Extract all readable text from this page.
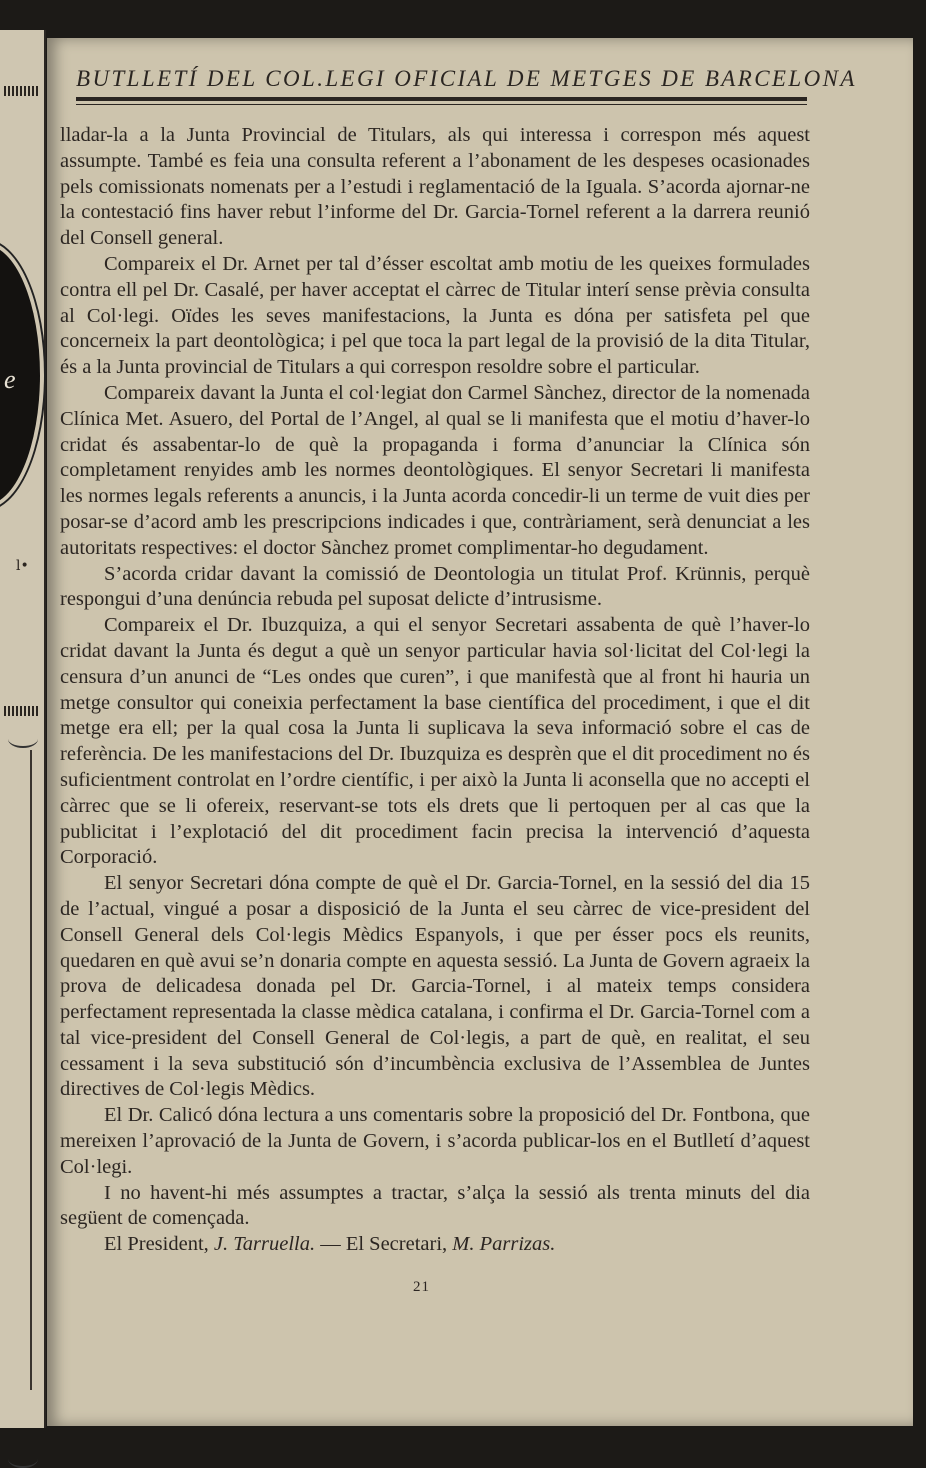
e
l•
BUTLLETÍ DEL COL.LEGI OFICIAL DE METGES DE BARCELONA

lladar-la a la Junta Provincial de Titulars, als qui interessa i correspon més aquest assumpte. També es feia una consulta referent a l’abonament de les despeses ocasionades pels comissionats nomenats per a l’estudi i reglamentació de la Iguala. S’acorda ajornar-ne la contestació fins haver rebut l’informe del Dr. Garcia-Tornel referent a la darrera reunió del Consell general.

Compareix el Dr. Arnet per tal d’ésser escoltat amb motiu de les queixes formulades contra ell pel Dr. Casalé, per haver acceptat el càrrec de Titular interí sense prèvia consulta al Col·legi. Oïdes les seves manifestacions, la Junta es dóna per satisfeta pel que concerneix la part deontològica; i pel que toca la part legal de la provisió de la dita Titular, és a la Junta provincial de Titulars a qui correspon resoldre sobre el particular.

Compareix davant la Junta el col·legiat don Carmel Sànchez, director de la nomenada Clínica Met. Asuero, del Portal de l’Angel, al qual se li manifesta que el motiu d’haver-lo cridat és assabentar-lo de què la propaganda i forma d’anunciar la Clínica són completament renyides amb les normes deontològiques. El senyor Secretari li manifesta les normes legals referents a anuncis, i la Junta acorda concedir-li un terme de vuit dies per posar-se d’acord amb les prescripcions indicades i que, contràriament, serà denunciat a les autoritats respectives: el doctor Sànchez promet complimentar-ho degudament.

S’acorda cridar davant la comissió de Deontologia un titulat Prof. Krünnis, perquè respongui d’una denúncia rebuda pel suposat delicte d’intrusisme.

Compareix el Dr. Ibuzquiza, a qui el senyor Secretari assabenta de què l’haver-lo cridat davant la Junta és degut a què un senyor particular havia sol·licitat del Col·legi la censura d’un anunci de “Les ondes que curen”, i que manifestà que al front hi hauria un metge consultor qui coneixia perfectament la base científica del procediment, i que el dit metge era ell; per la qual cosa la Junta li suplicava la seva informació sobre el cas de referència. De les manifestacions del Dr. Ibuzquiza es desprèn que el dit procediment no és suficientment controlat en l’ordre científic, i per això la Junta li aconsella que no accepti el càrrec que se li ofereix, reservant-se tots els drets que li pertoquen per al cas que la publicitat i l’explotació del dit procediment facin precisa la intervenció d’aquesta Corporació.

El senyor Secretari dóna compte de què el Dr. Garcia-Tornel, en la sessió del dia 15 de l’actual, vingué a posar a disposició de la Junta el seu càrrec de vice-president del Consell General dels Col·legis Mèdics Espanyols, i que per ésser pocs els reunits, quedaren en què avui se’n donaria compte en aquesta sessió. La Junta de Govern agraeix la prova de delicadesa donada pel Dr. Garcia-Tornel, i al mateix temps considera perfectament representada la classe mèdica catalana, i confirma el Dr. Garcia-Tornel com a tal vice-president del Consell General de Col·legis, a part de què, en realitat, el seu cessament i la seva substitució són d’incumbència exclusiva de l’Assemblea de Juntes directives de Col·legis Mèdics.

El Dr. Calicó dóna lectura a uns comentaris sobre la proposició del Dr. Fontbona, que mereixen l’aprovació de la Junta de Govern, i s’acorda publicar-los en el Butlletí d’aquest Col·legi.

I no havent-hi més assumptes a tractar, s’alça la sessió als trenta minuts del dia següent de començada.

El President, J. Tarruella. — El Secretari, M. Parrizas.

21
